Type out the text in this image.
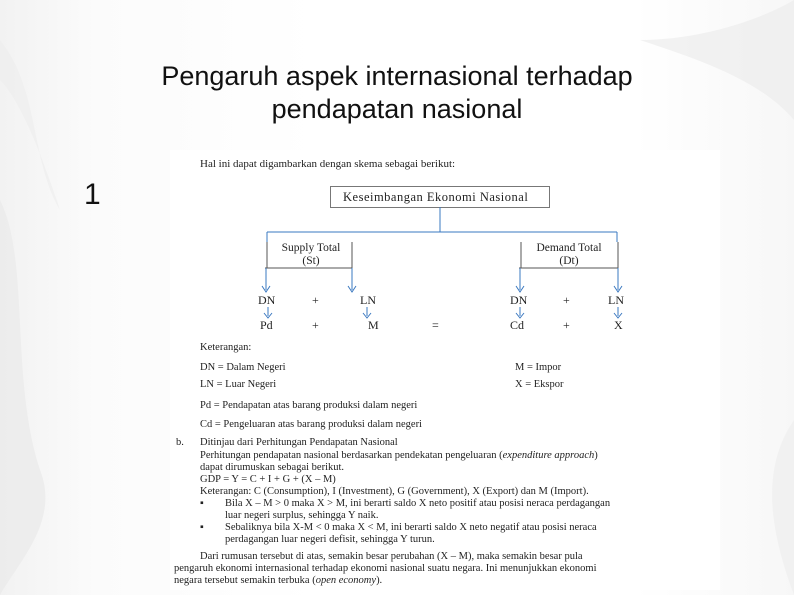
Pengaruh aspek internasional terhadap
pendapatan nasional
1
Hal ini dapat digambarkan dengan skema sebagai berikut:
Keseimbangan Ekonomi Nasional
Supply Total
(St)
Demand Total
(Dt)
DN	+	LN	DN	+	LN
Pd	+	M	=	Cd	+	X
Keterangan:
DN = Dalam Negeri	M = Impor
LN = Luar Negeri	X = Ekspor
Pd = Pendapatan atas barang produksi dalam negeri
Cd = Pengeluaran atas barang produksi dalam negeri
b. Ditinjau dari Perhitungan Pendapatan Nasional
Perhitungan pendapatan nasional berdasarkan pendekatan pengeluaran (expenditure approach)
dapat dirumuskan sebagai berikut.
GDP = Y = C + I + G + (X – M)
Keterangan: C (Consumption), I (Investment), G (Government), X (Export) dan M (Import).
▪ Bila X – M > 0 maka X > M, ini berarti saldo X neto positif atau posisi neraca perdagangan
luar negeri surplus, sehingga Y naik.
▪ Sebaliknya bila X-M < 0 maka X < M, ini berarti saldo X neto negatif atau posisi neraca
perdagangan luar negeri defisit, sehingga Y turun.
Dari rumusan tersebut di atas, semakin besar perubahan (X – M), maka semakin besar pula
pengaruh ekonomi internasional terhadap ekonomi nasional suatu negara. Ini menunjukkan ekonomi
negara tersebut semakin terbuka (open economy).
